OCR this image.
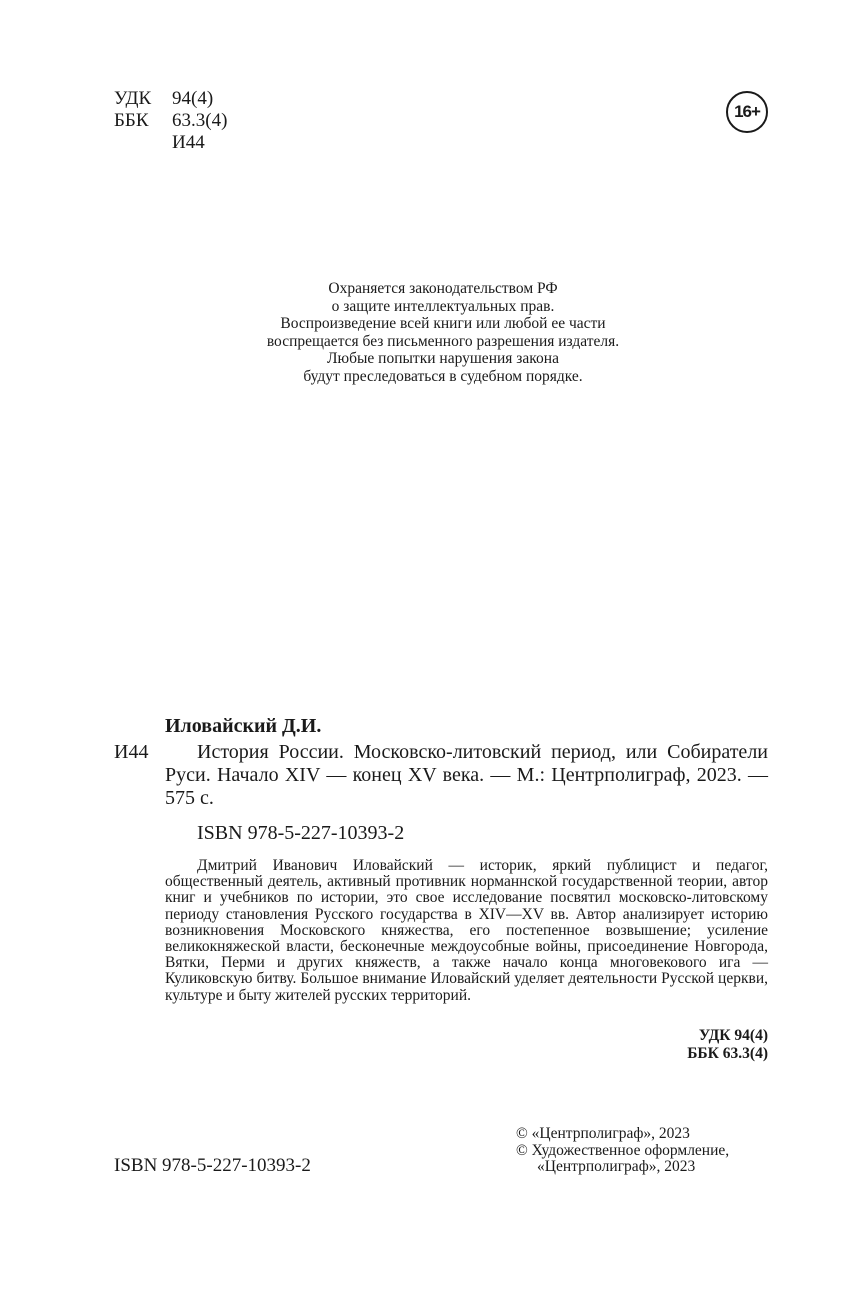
УДК 94(4)
ББК 63.3(4)
И44
16+
Охраняется законодательством РФ
о защите интеллектуальных прав.
Воспроизведение всей книги или любой ее части
воспрещается без письменного разрешения издателя.
Любые попытки нарушения закона
будут преследоваться в судебном порядке.
Иловайский Д.И.
И44	История России. Московско-литовский период, или Собиратели Руси. Начало XIV — конец XV века. — М.: Центрполиграф, 2023. — 575 с.
ISBN 978-5-227-10393-2
Дмитрий Иванович Иловайский — историк, яркий публицист и педагог, общественный деятель, активный противник норманнской государственной теории, автор книг и учебников по истории, это свое исследование посвятил московско-литовскому периоду становления Русского государства в XIV—XV вв. Автор анализирует историю возникновения Московского княжества, его постепенное возвышение; усиление великокняжеской власти, бесконечные междоусобные войны, присоединение Новгорода, Вятки, Перми и других княжеств, а также начало конца многовекового ига — Куликовскую битву. Большое внимание Иловайский уделяет деятельности Русской церкви, культуре и быту жителей русских территорий.
УДК 94(4)
ББК 63.3(4)
ISBN 978-5-227-10393-2
© «Центрполиграф», 2023
© Художественное оформление,
«Центрполиграф», 2023
